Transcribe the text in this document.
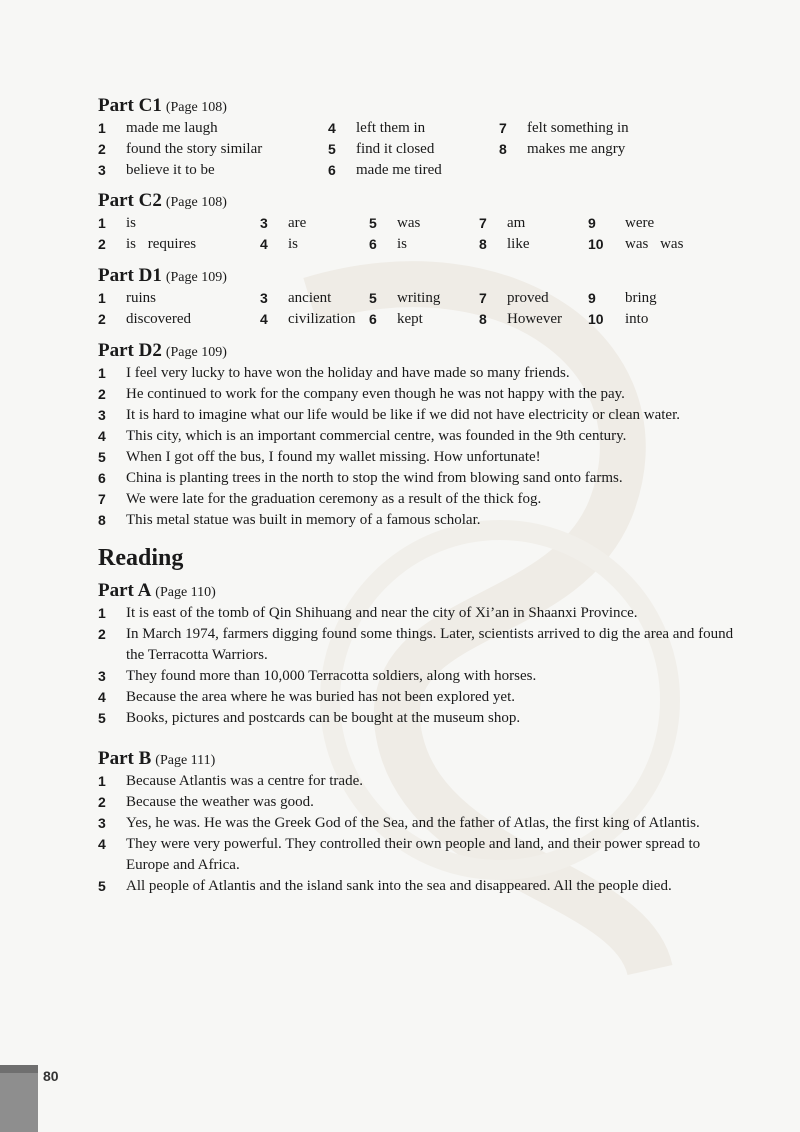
Part C1 (Page 108)
1	made me laugh	4	left them in	7	felt something in
2	found the story similar	5	find it closed	8	makes me angry
3	believe it to be	6	made me tired
Part C2 (Page 108)
1	is	3	are	5	was	7	am	9	were
2	is requires	4	is	6	is	8	like	10	was was
Part D1 (Page 109)
1	ruins	3	ancient	5	writing	7	proved	9	bring
2	discovered	4	civilization 6	kept	8	However	10	into
Part D2 (Page 109)
1	I feel very lucky to have won the holiday and have made so many friends.
2	He continued to work for the company even though he was not happy with the pay.
3	It is hard to imagine what our life would be like if we did not have electricity or clean water.
4	This city, which is an important commercial centre, was founded in the 9th century.
5	When I got off the bus, I found my wallet missing. How unfortunate!
6	China is planting trees in the north to stop the wind from blowing sand onto farms.
7	We were late for the graduation ceremony as a result of the thick fog.
8	This metal statue was built in memory of a famous scholar.
Reading
Part A (Page 110)
1	It is east of the tomb of Qin Shihuang and near the city of Xi’an in Shaanxi Province.
2	In March 1974, farmers digging found some things. Later, scientists arrived to dig the area and found the Terracotta Warriors.
3	They found more than 10,000 Terracotta soldiers, along with horses.
4	Because the area where he was buried has not been explored yet.
5	Books, pictures and postcards can be bought at the museum shop.
Part B (Page 111)
1	Because Atlantis was a centre for trade.
2	Because the weather was good.
3	Yes, he was. He was the Greek God of the Sea, and the father of Atlas, the first king of Atlantis.
4	They were very powerful. They controlled their own people and land, and their power spread to Europe and Africa.
5	All people of Atlantis and the island sank into the sea and disappeared. All the people died.
80
